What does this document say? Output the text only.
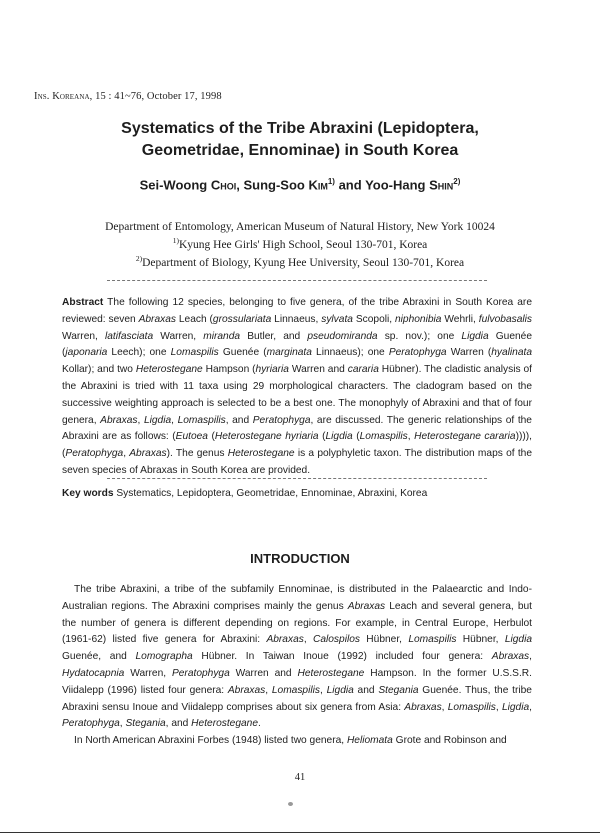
Ins. Koreana, 15 : 41~76, October 17, 1998
Systematics of the Tribe Abraxini (Lepidoptera,
Geometridae, Ennominae) in South Korea
Sei-Woong Choi, Sung-Soo Kim$^{1)}$ and Yoo-Hang Shin$^{2)}$
Department of Entomology, American Museum of Natural History, New York 10024
$^{1)}$Kyung Hee Girls' High School, Seoul 130-701, Korea
$^{2)}$Department of Biology, Kyung Hee University, Seoul 130-701, Korea
Abstract The following 12 species, belonging to five genera, of the tribe Abraxini in South Korea are reviewed: seven Abraxas Leach (grossulariata Linnaeus, sylvata Scopoli, niphonibia Wehrli, fulvobasalis Warren, latifasciata Warren, miranda Butler, and pseudomiranda sp. nov.); one Ligdia Guenée (japonaria Leech); one Lomaspilis Guenée (marginata Linnaeus); one Peratophyga Warren (hyalinata Kollar); and two Heterostegane Hampson (hyriaria Warren and cararia Hübner). The cladistic analysis of the Abraxini is tried with 11 taxa using 29 morphological characters. The cladogram based on the successive weighting approach is selected to be a best one. The monophyly of Abraxini and that of four genera, Abraxas, Ligdia, Lomaspilis, and Peratophyga, are discussed. The generic relationships of the Abraxini are as follows: (Eutoea (Heterostegane hyriaria (Ligdia (Lomaspilis, Heterostegane cararia)))), (Peratophyga, Abraxas). The genus Heterostegane is a polyphyletic taxon. The distribution maps of the seven species of Abraxas in South Korea are provided.
Key words Systematics, Lepidoptera, Geometridae, Ennominae, Abraxini, Korea
INTRODUCTION

The tribe Abraxini, a tribe of the subfamily Ennominae, is distributed in the Palaearctic and Indo-Australian regions. The Abraxini comprises mainly the genus Abraxas Leach and several genera, but the number of genera is different depending on regions. For example, in Central Europe, Herbulot (1961-62) listed five genera for Abraxini: Abraxas, Calospilos Hübner, Lomaspilis Hübner, Ligdia Guenée, and Lomographa Hübner. In Taiwan Inoue (1992) included four genera: Abraxas, Hydatocapnia Warren, Peratophyga Warren and Heterostegane Hampson. In the former U.S.S.R. Viidalepp (1996) listed four genera: Abraxas, Lomaspilis, Ligdia and Stegania Guenée. Thus, the tribe Abraxini sensu Inoue and Viidalepp comprises about six genera from Asia: Abraxas, Lomaspilis, Ligdia, Peratophyga, Stegania, and Heterostegane.

In North American Abraxini Forbes (1948) listed two genera, Heliomata Grote and Robinson and

41
